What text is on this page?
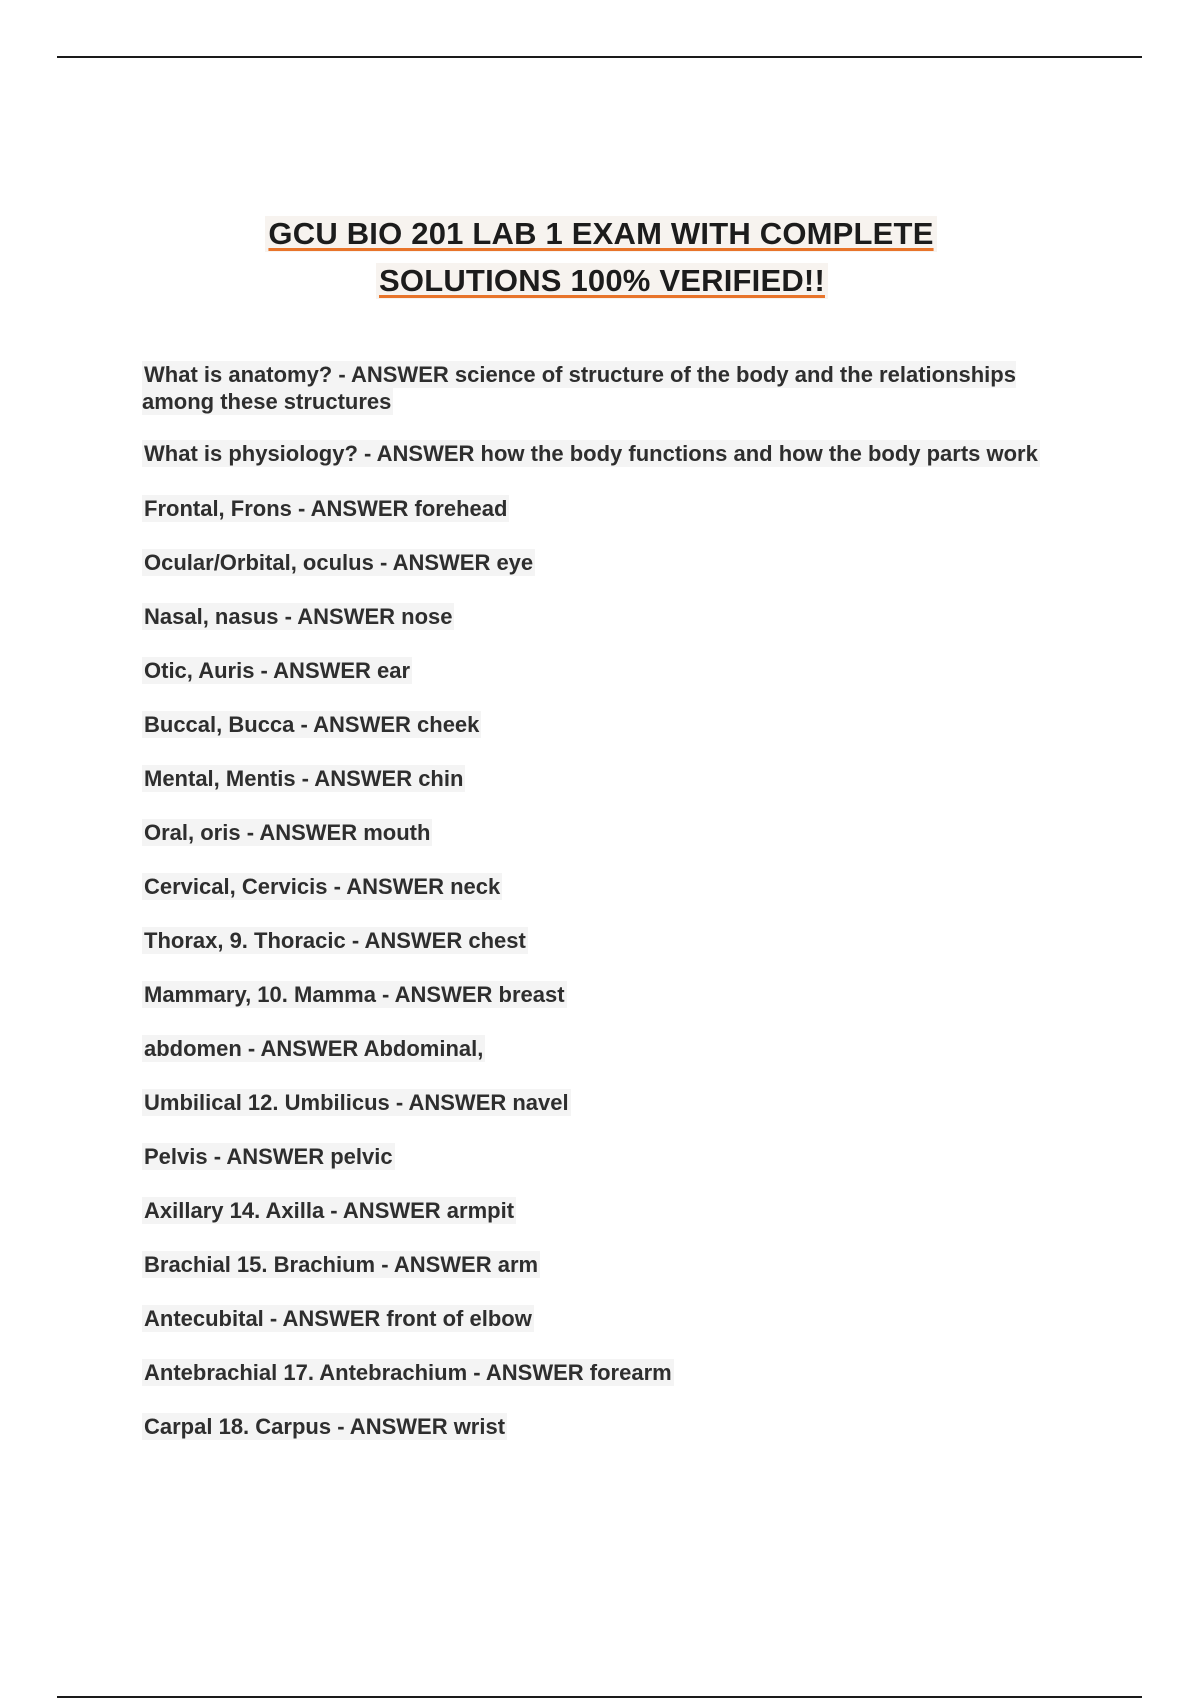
GCU BIO 201 LAB 1 EXAM WITH COMPLETE
SOLUTIONS 100% VERIFIED!!
What is anatomy? - ANSWER science of structure of the body and the relationships among these structures
What is physiology? - ANSWER how the body functions and how the body parts work
Frontal, Frons - ANSWER forehead
Ocular/Orbital, oculus - ANSWER eye
Nasal, nasus - ANSWER nose
Otic, Auris - ANSWER ear
Buccal, Bucca - ANSWER cheek
Mental, Mentis - ANSWER chin
Oral, oris - ANSWER mouth
Cervical, Cervicis - ANSWER neck
Thorax, 9. Thoracic - ANSWER chest
Mammary, 10. Mamma - ANSWER breast
abdomen - ANSWER Abdominal,
Umbilical 12. Umbilicus - ANSWER navel
Pelvis - ANSWER pelvic
Axillary 14. Axilla - ANSWER armpit
Brachial 15. Brachium - ANSWER arm
Antecubital - ANSWER front of elbow
Antebrachial 17. Antebrachium - ANSWER forearm
Carpal 18. Carpus - ANSWER wrist
